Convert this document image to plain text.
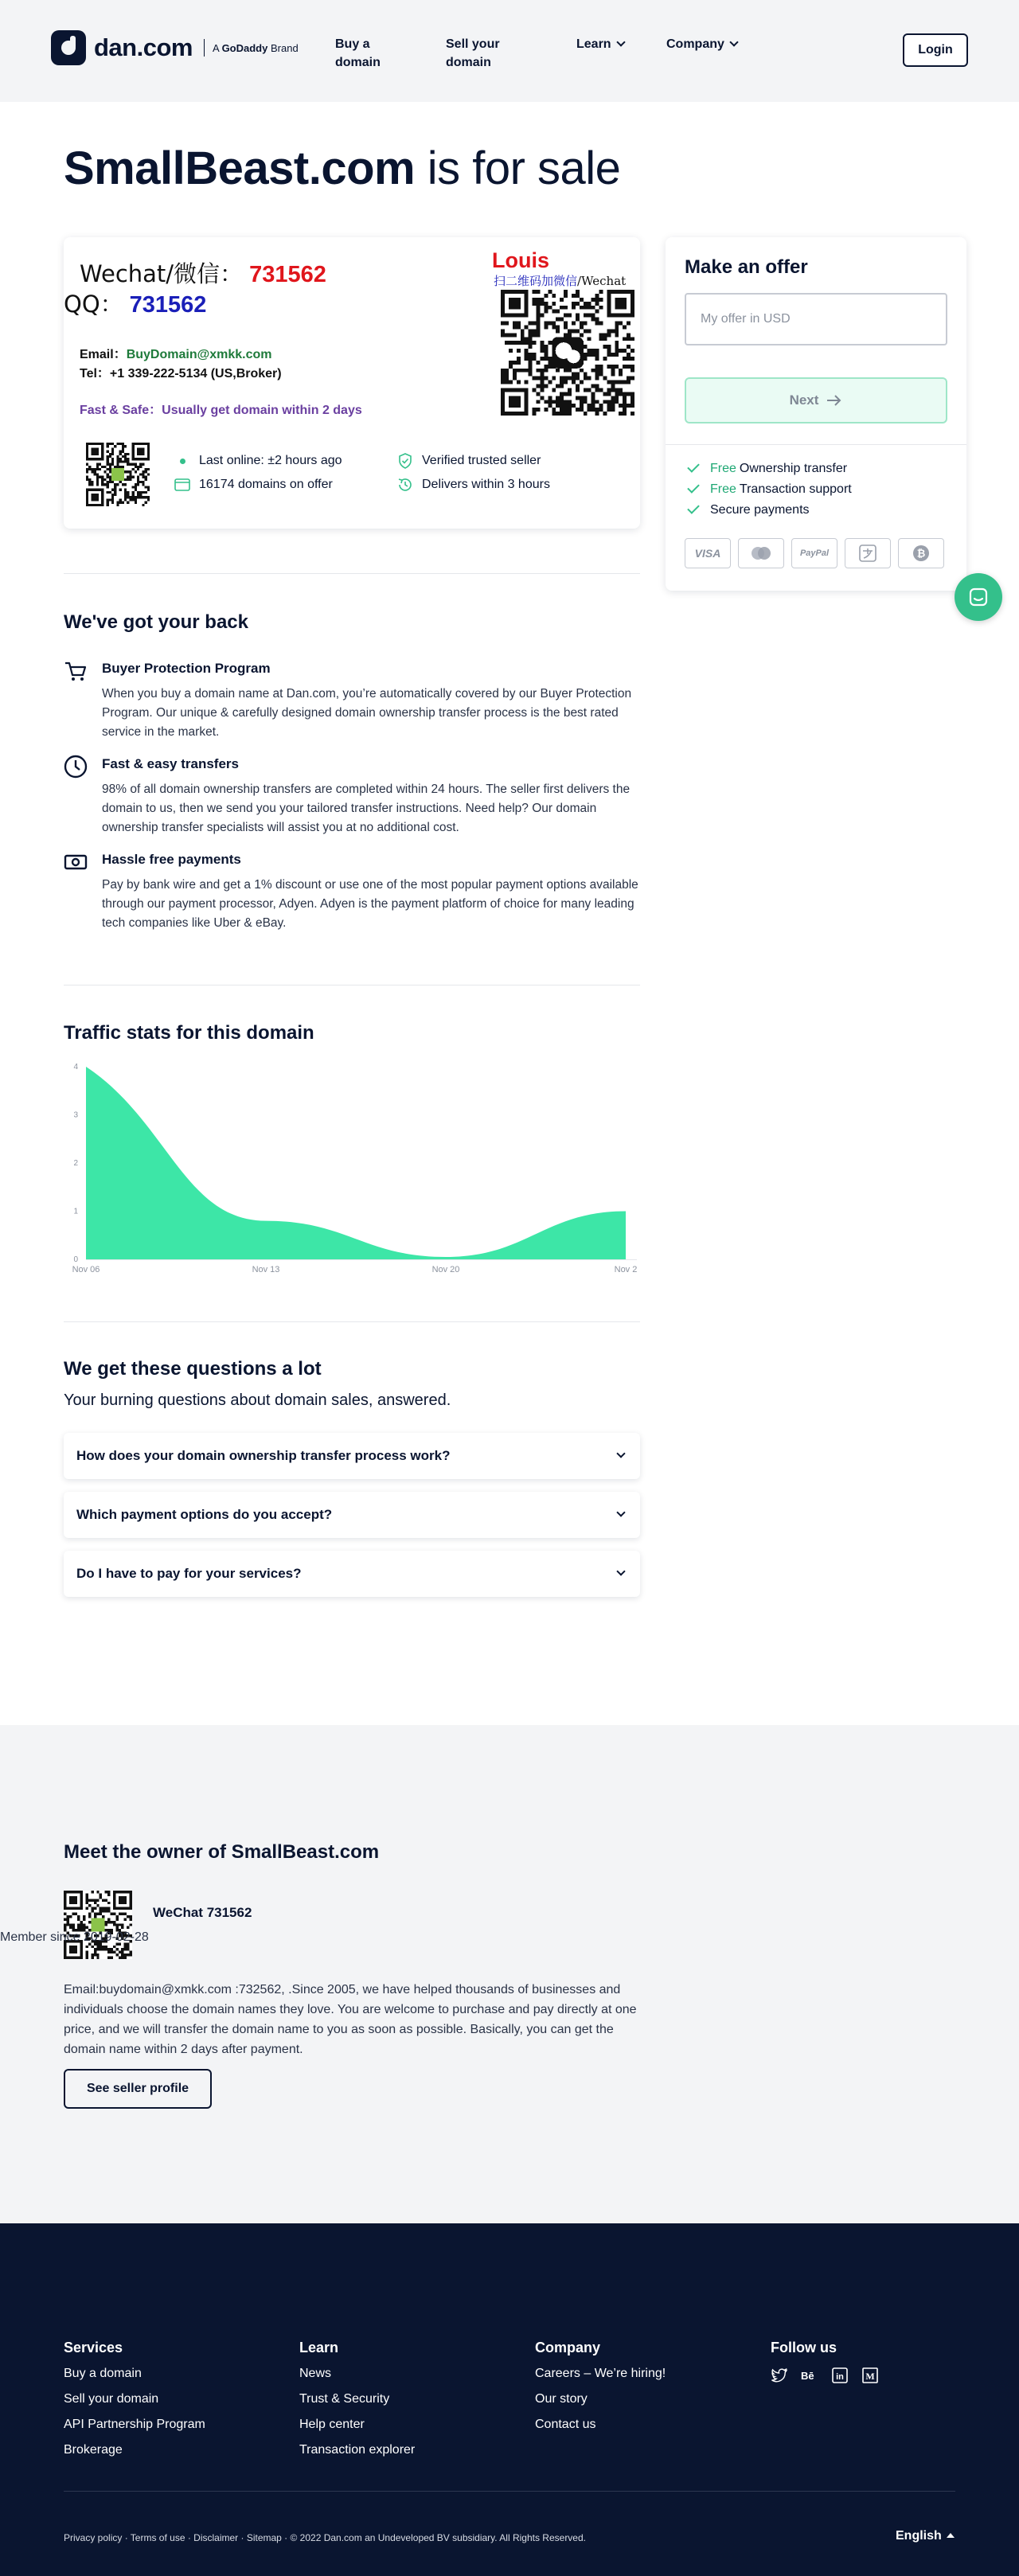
dan.com A GoDaddy Brand	Buy a domain
Sell your domain
Learn	Company	Login
SmallBeast.com is for sale
Wechat/微信： 731562
QQ： 731562
Email：BuyDomain@xmkk.com
Tel：+1 339-222-5134 (US,Broker)
Fast & Safe：Usually get domain within 2 days
Louis
扫二维码加微信/Wechat
Last online: ±2 hours ago
16174 domains on offer
Verified trusted seller
Delivers within 3 hours
Make an offer
My offer in USD
Next
Free Ownership transfer
Free Transaction support
Secure payments
VISA	PayPal	₿
We've got your back
Buyer Protection Program

When you buy a domain name at Dan.com, you’re automatically covered by our Buyer Protection Program. Our unique & carefully designed domain ownership transfer process is the best rated service in the market.

Fast & easy transfers

98% of all domain ownership transfers are completed within 24 hours. The seller first delivers the domain to us, then we send you your tailored transfer instructions. Need help? Our domain ownership transfer specialists will assist you at no additional cost.

Hassle free payments

Pay by bank wire and get a 1% discount or use one of the most popular payment options available through our payment processor, Adyen. Adyen is the payment platform of choice for many leading tech companies like Uber & eBay.

Traffic stats for this domain
0
1
2
3
4
Nov 06	Nov 13	Nov 20	Nov 2
We get these questions a lot

Your burning questions about domain sales, answered.

How does your domain ownership transfer process work?
Which payment options do you accept?
Do I have to pay for your services?
Meet the owner of SmallBeast.com
WeChat 731562
Member since 2019-02-28

Email:buydomain@xmkk.com :732562, .Since 2005, we have helped thousands of businesses and individuals choose the domain names they love. You are welcome to purchase and pay directly at one price, and we will transfer the domain name to you as soon as possible. Basically, you can get the domain name within 2 days after payment.

See seller profile
Services
Buy a domain
Sell your domain
API Partnership Program
Brokerage
Learn
News
Trust & Security
Help center
Transaction explorer
Company
Careers – We’re hiring!
Our story
Contact us
Follow us
Bē in M
Privacy policy · Terms of use · Disclaimer · Sitemap · © 2022 Dan.com an Undeveloped BV subsidiary. All Rights Reserved.	English
